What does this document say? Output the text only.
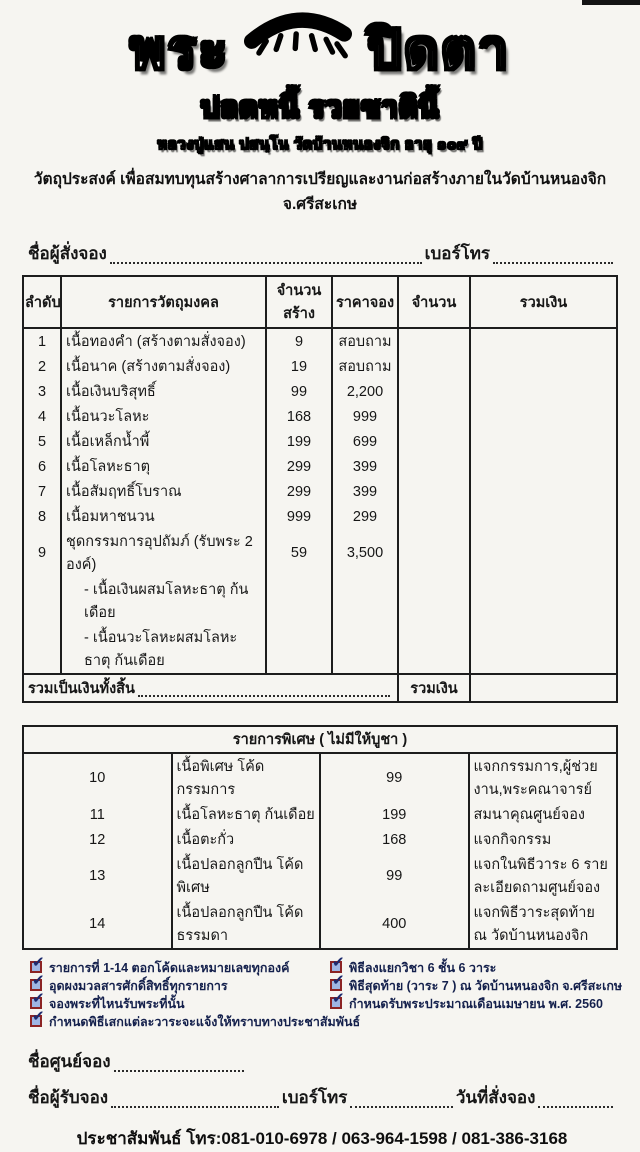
พระ	ปิดตา
ปลดหนี้ รวยชาตินี้
หลวงปู่แสน ปสนฺโน วัดบ้านหนองจิก อายุ ๑๐๙ ปี
วัตถุประสงค์ เพื่อสมทบทุนสร้างศาลาการเปรียญและงานก่อสร้างภายในวัดบ้านหนองจิก จ.ศรีสะเกษ
ชื่อผู้สั่งจอง	เบอร์โทร
ลำดับ	รายการวัตถุมงคล	จำนวนสร้าง	ราคาจอง	จำนวน	รวมเงิน
1	เนื้อทองคำ (สร้างตามสั่งจอง)	9	สอบถาม		
2	เนื้อนาค (สร้างตามสั่งจอง)	19	สอบถาม		
3	เนื้อเงินบริสุทธิ์	99	2,200		
4	เนื้อนวะโลหะ	168	999		
5	เนื้อเหล็กน้ำพี้	199	699		
6	เนื้อโลหะธาตุ	299	399		
7	เนื้อสัมฤทธิ์โบราณ	299	399		
8	เนื้อมหาชนวน	999	299		
9	ชุดกรรมการอุปถัมภ์ (รับพระ 2 องค์)	59	3,500		
	- เนื้อเงินผสมโลหะธาตุ ก้นเดือย				
	- เนื้อนวะโลหะผสมโลหะธาตุ ก้นเดือย				

รวมเป็นเงินทั้งสิ้น				รวมเงิน	
รายการพิเศษ ( ไม่มีให้บูชา )			
10	เนื้อพิเศษ โค้ดกรรมการ	99	แจกกรรมการ,ผู้ช่วยงาน,พระคณาจารย์
11	เนื้อโลหะธาตุ ก้นเดือย	199	สมนาคุณศูนย์จอง
12	เนื้อตะกั่ว	168	แจกกิจกรรม
13	เนื้อปลอกลูกปืน โค้ดพิเศษ	99	แจกในพิธีวาระ 6 รายละเอียดถามศูนย์จอง
14	เนื้อปลอกลูกปืน โค้ดธรรมดา	400	แจกพิธีวาระสุดท้าย ณ วัดบ้านหนองจิก
✔
รายการที่ 1-14 ตอกโค้ดและหมายเลขทุกองค์
✔
อุดผงมวลสารศักดิ์สิทธิ์ทุกรายการ
✔
จองพระที่ไหนรับพระที่นั้น
✔
กำหนดพิธีเสกแต่ละวาระจะแจ้งให้ทราบทางประชาสัมพันธ์
✔
พิธีลงแยกวิชา 6 ชั้น 6 วาระ
✔
พิธีสุดท้าย (วาระ 7 ) ณ วัดบ้านหนองจิก จ.ศรีสะเกษ
✔
กำหนดรับพระประมาณเดือนเมษายน พ.ศ. 2560
ชื่อศูนย์จอง
ชื่อผู้รับจอง	เบอร์โทร	วันที่สั่งจอง
ประชาสัมพันธ์ โทร:081-010-6978 / 063-964-1598 / 081-386-3168
